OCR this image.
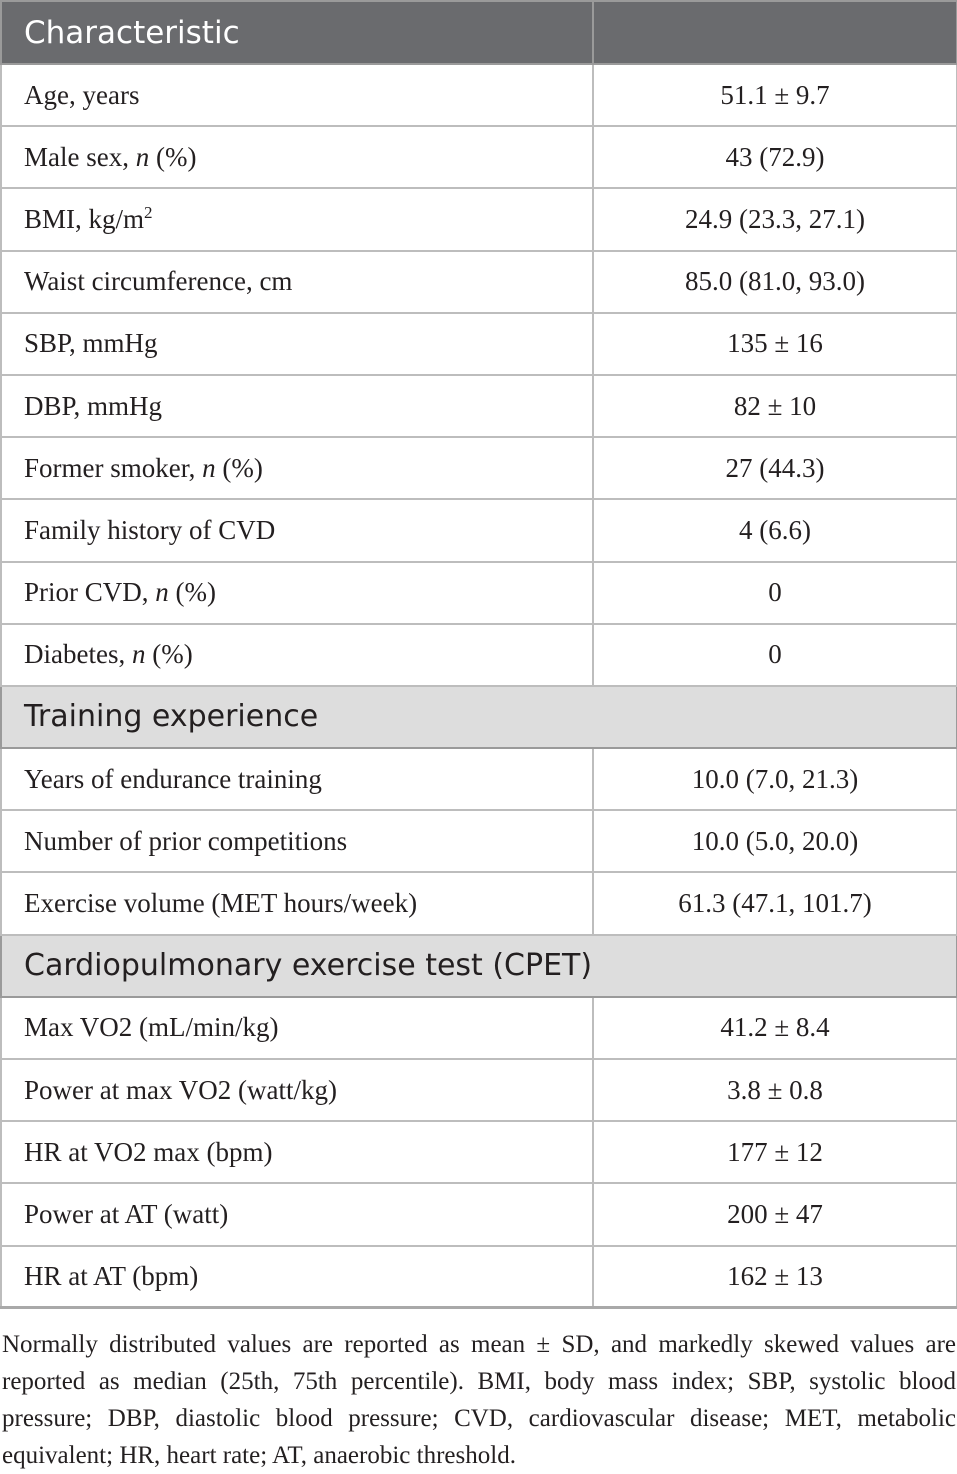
Characteristic	
Age, years	51.1 ± 9.7
Male sex, n (%)	43 (72.9)
BMI, $kg/m^2$	24.9 (23.3, 27.1)
Waist circumference, cm	85.0 (81.0, 93.0)
SBP, mmHg	135 ± 16
DBP, mmHg	82 ± 10
Former smoker, n (%)	27 (44.3)
Family history of CVD	4 (6.6)
Prior CVD, n (%)	0
Diabetes, n (%)	0
Training experience	
Years of endurance training	10.0 (7.0, 21.3)
Number of prior competitions	10.0 (5.0, 20.0)
Exercise volume (MET hours/week)	61.3 (47.1, 101.7)
Cardiopulmonary exercise test (CPET)	
Max VO2 (mL/min/kg)	41.2 ± 8.4
Power at max VO2 (watt/kg)	3.8 ± 0.8
HR at VO2 max (bpm)	177 ± 12
Power at AT (watt)	200 ± 47
HR at AT (bpm)	162 ± 13
Normally distributed values are reported as mean ± SD, and markedly skewed values are reported as median (25th, 75th percentile). BMI, body mass index; SBP, systolic blood pressure; DBP, diastolic blood pressure; CVD, cardiovascular disease; MET, metabolic equivalent; HR, heart rate; AT, anaerobic threshold.
